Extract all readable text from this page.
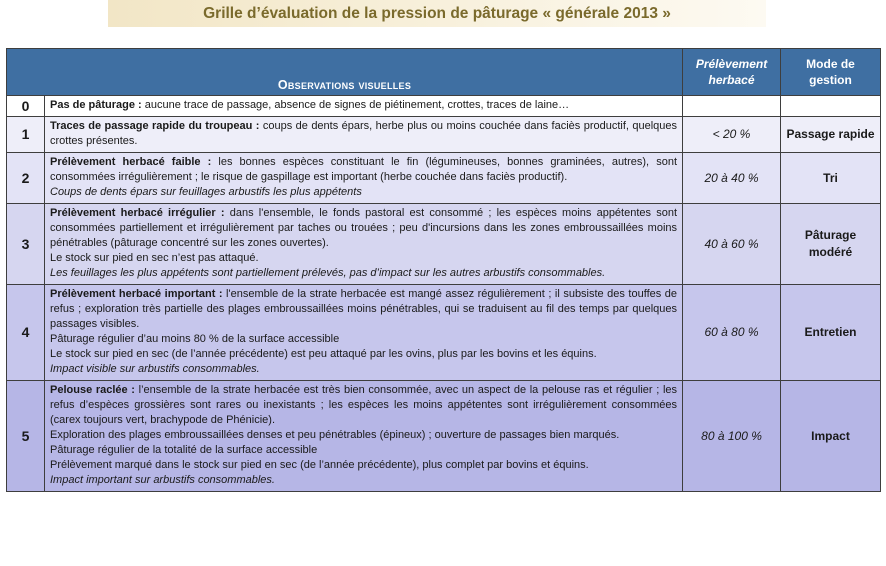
Grille d’évaluation de la pression de pâturage « générale 2013 »
Observations visuelles		Prélèvement herbacé	Mode de gestion
0	Pas de pâturage : aucune trace de passage, absence de signes de piétinement, crottes, traces de laine…		

1	Traces de passage rapide du troupeau : coups de dents épars, herbe plus ou moins couchée dans faciès productif, quelques crottes présentes.	< 20 %	Passage rapide
2	Prélèvement herbacé faible : les bonnes espèces constituant le fin (légumineuses, bonnes graminées, autres), sont consommées irrégulièrement ; le risque de gaspillage est important (herbe couchée dans faciès productif).

Coups de dents épars sur feuillages arbustifs les plus appétents	20 à 40 %	Tri
3	Prélèvement herbacé irrégulier : dans l'ensemble, le fonds pastoral est consommé ; les espèces moins appétentes sont consommées partiellement et irrégulièrement par taches ou trouées ; peu d'incursions dans les zones embroussaillées moins pénétrables (pâturage concentré sur les zones ouvertes).

Le stock sur pied en sec n’est pas attaqué.

Les feuillages les plus appétents sont partiellement prélevés, pas d’impact sur les autres arbustifs consommables.	40 à 60 %	Pâturage modéré
4	Prélèvement herbacé important : l'ensemble de la strate herbacée est mangé assez régulièrement ; il subsiste des touffes de refus ; exploration très partielle des plages embroussaillées moins pénétrables, qui se traduisent au fil des temps par quelques passages visibles.

Pâturage régulier d’au moins 80 % de la surface accessible

Le stock sur pied en sec (de l’année précédente) est peu attaqué par les ovins, plus par les bovins et les équins.

Impact visible sur arbustifs consommables.	60 à 80 %	Entretien
5	Pelouse raclée : l’ensemble de la strate herbacée est très bien consommée, avec un aspect de la pelouse ras et régulier ; les refus d’espèces grossières sont rares ou inexistants ; les espèces les moins appétentes sont irrégulièrement consommées (carex toujours vert, brachypode de Phénicie).

Exploration des plages embroussaillées denses et peu pénétrables (épineux) ; ouverture de passages bien marqués.

Pâturage régulier de la totalité de la surface accessible

Prélèvement marqué dans le stock sur pied en sec (de l’année précédente), plus complet par bovins et équins.

Impact important sur arbustifs consommables.	80 à 100 %	Impact
